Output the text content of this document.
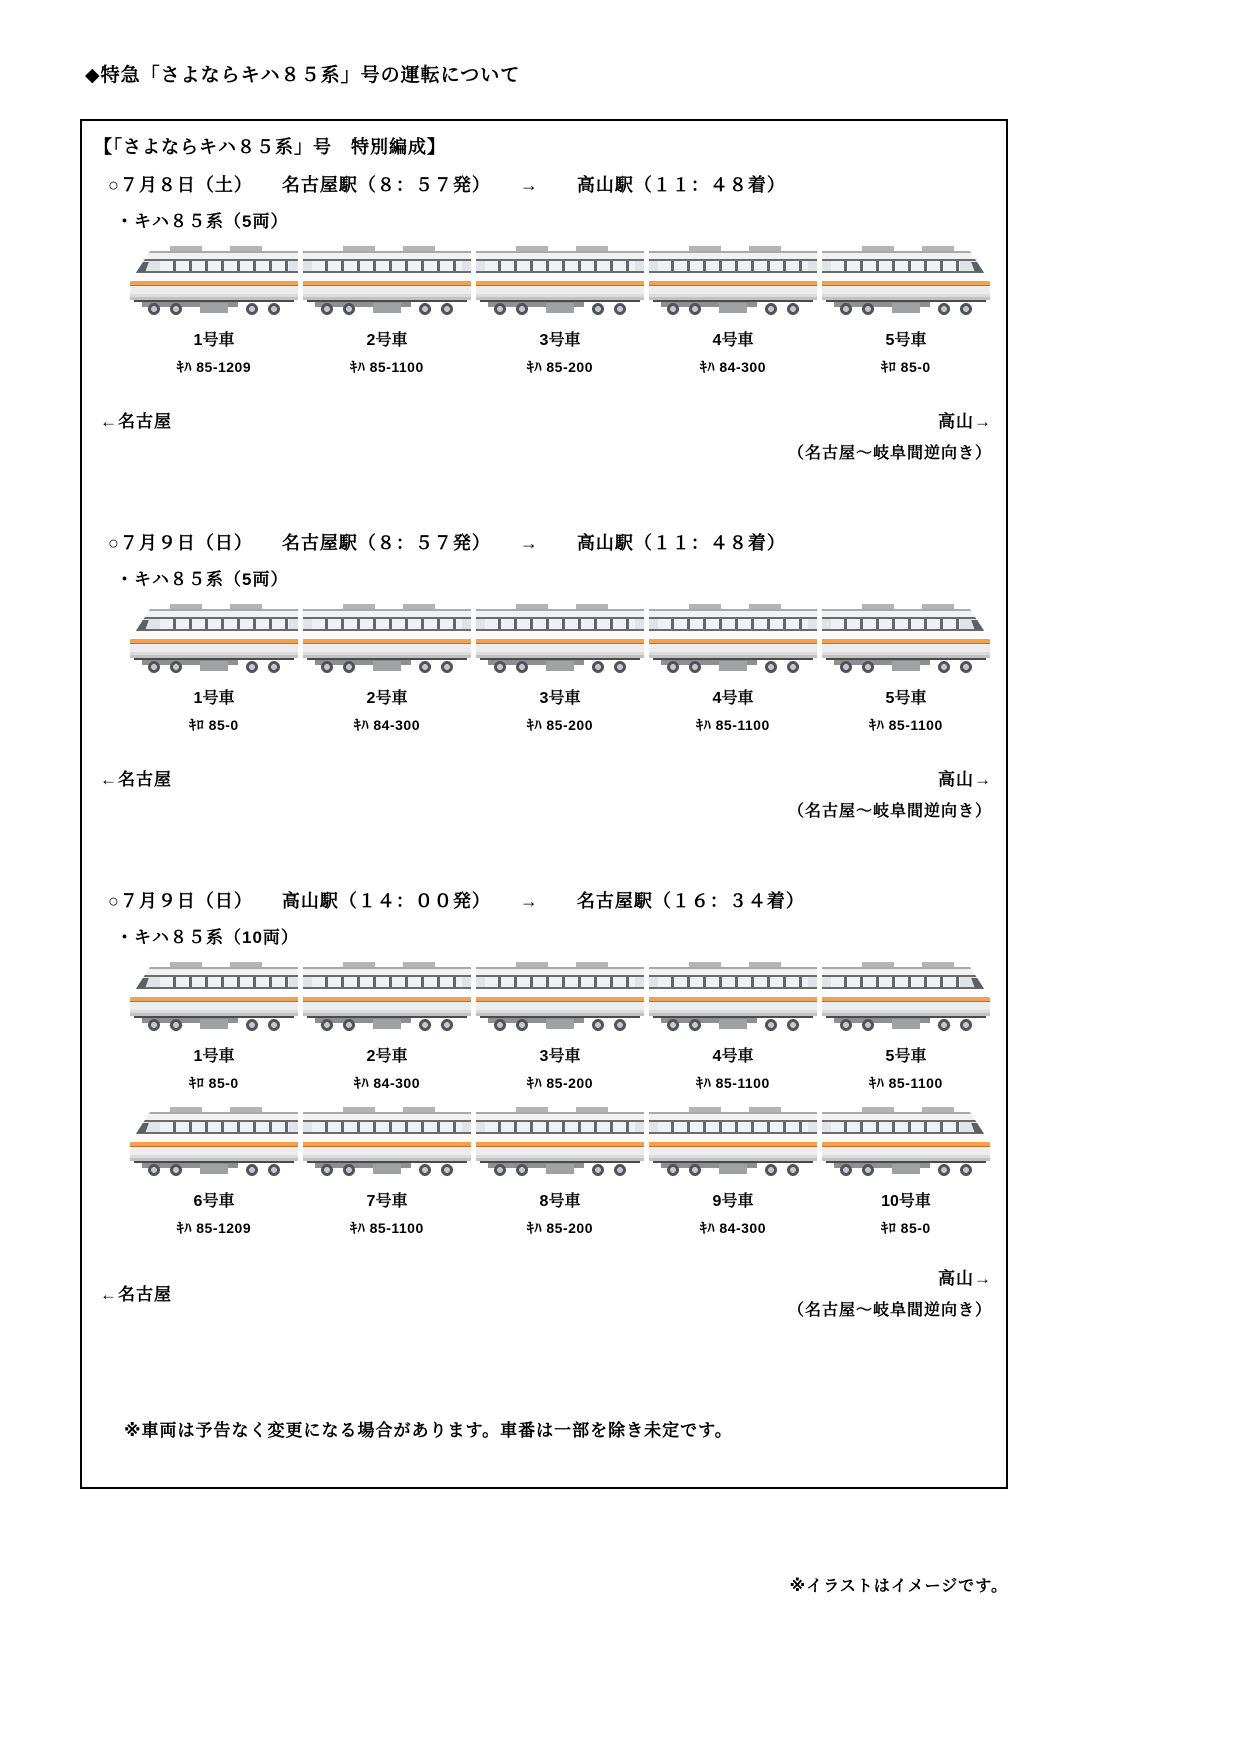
◆特急「さよならキハ８５系」号の運転について

【「さよならキハ８５系」号　特別編成】

○７月８日（土）　　名古屋駅（８：５７発）　　→　　高山駅（１１：４８着）

・キハ８５系（5両）

1号車
ｷﾊ 85-1209
2号車
ｷﾊ 85-1100
3号車
ｷﾊ 85-200
4号車
ｷﾊ 84-300
5号車
ｷﾛ 85-0
←名古屋	高山→
（名古屋〜岐阜間逆向き）

○７月９日（日）　　名古屋駅（８：５７発）　　→　　高山駅（１１：４８着）

・キハ８５系（5両）

1号車
ｷﾛ 85-0
2号車
ｷﾊ 84-300
3号車
ｷﾊ 85-200
4号車
ｷﾊ 85-1100
5号車
ｷﾊ 85-1100
←名古屋	高山→
（名古屋〜岐阜間逆向き）

○７月９日（日）　　高山駅（１４：００発）　　→　　名古屋駅（１６：３４着）

・キハ８５系（10両）

1号車
ｷﾛ 85-0
2号車
ｷﾊ 84-300
3号車
ｷﾊ 85-200
4号車
ｷﾊ 85-1100
5号車
ｷﾊ 85-1100
6号車
ｷﾊ 85-1209
7号車
ｷﾊ 85-1100
8号車
ｷﾊ 85-200
9号車
ｷﾊ 84-300
10号車
ｷﾛ 85-0
←名古屋
高山→
（名古屋〜岐阜間逆向き）

※車両は予告なく変更になる場合があります。車番は一部を除き未定です。

※イラストはイメージです。
